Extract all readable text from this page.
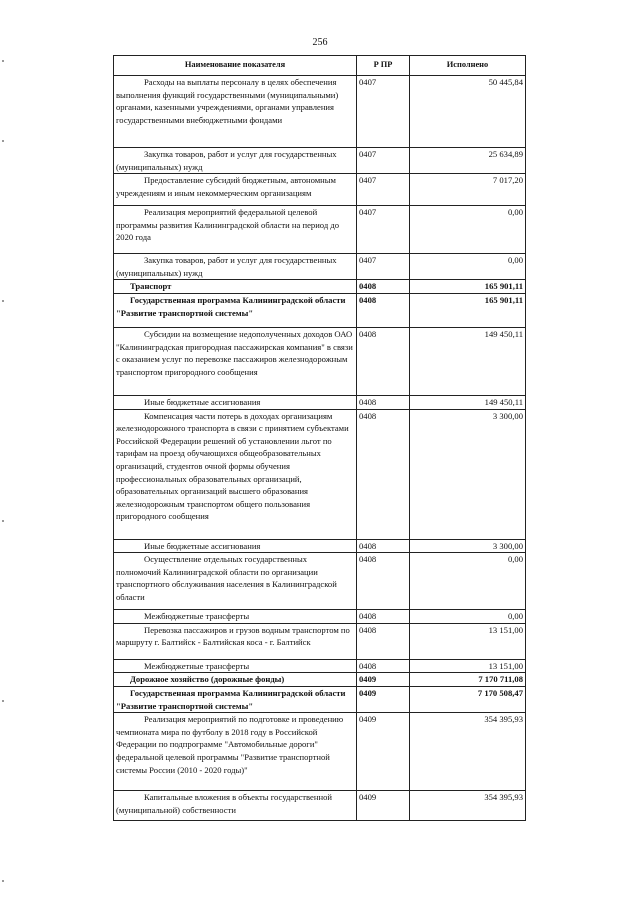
256
Наименование показателя	Р ПР	Исполнено

Расходы на выплаты персоналу в целях обеспечения выполнения функций государственными (муниципальными) органами, казенными учреждениями, органами управления государственными внебюджетными фондами	0407	50 445,84

Закупка товаров, работ и услуг для государственных (муниципальных) нужд	0407	25 634,89

Предоставление субсидий бюджетным, автономным учреждениям и иным некоммерческим организациям	0407	7 017,20

Реализация мероприятий федеральной целевой программы развития Калининградской области на период до 2020 года	0407	0,00

Закупка товаров, работ и услуг для государственных (муниципальных) нужд	0407	0,00

Транспорт	0408	165 901,11

Государственная программа Калининградской области "Развитие транспортной системы"	0408	165 901,11

Субсидии на возмещение недополученных доходов ОАО "Калининградская пригородная пассажирская компания" в связи с оказанием услуг по перевозке пассажиров железнодорожным транспортом пригородного сообщения	0408	149 450,11

Иные бюджетные ассигнования	0408	149 450,11

Компенсация части потерь в доходах организациям железнодорожного транспорта в связи с принятием субъектами Российской Федерации решений об установлении льгот по тарифам на проезд обучающихся общеобразовательных организаций, студентов очной формы обучения профессиональных образовательных организаций, образовательных организаций высшего образования железнодорожным транспортом общего пользования пригородного сообщения	0408	3 300,00

Иные бюджетные ассигнования	0408	3 300,00

Осуществление отдельных государственных полномочий Калининградской области по организации транспортного обслуживания населения в Калининградской области	0408	0,00

Межбюджетные трансферты	0408	0,00

Перевозка пассажиров и грузов водным транспортом по маршруту г. Балтийск - Балтийская коса - г. Балтийск	0408	13 151,00

Межбюджетные трансферты	0408	13 151,00

Дорожное хозяйство (дорожные фонды)	0409	7 170 711,08

Государственная программа Калининградской области "Развитие транспортной системы"	0409	7 170 508,47

Реализация мероприятий по подготовке и проведению чемпионата мира по футболу в 2018 году в Российской Федерации по подпрограмме "Автомобильные дороги" федеральной целевой программы "Развитие транспортной системы России (2010 - 2020 годы)"	0409	354 395,93

Капитальные вложения в объекты государственной (муниципальной) собственности	0409	354 395,93
